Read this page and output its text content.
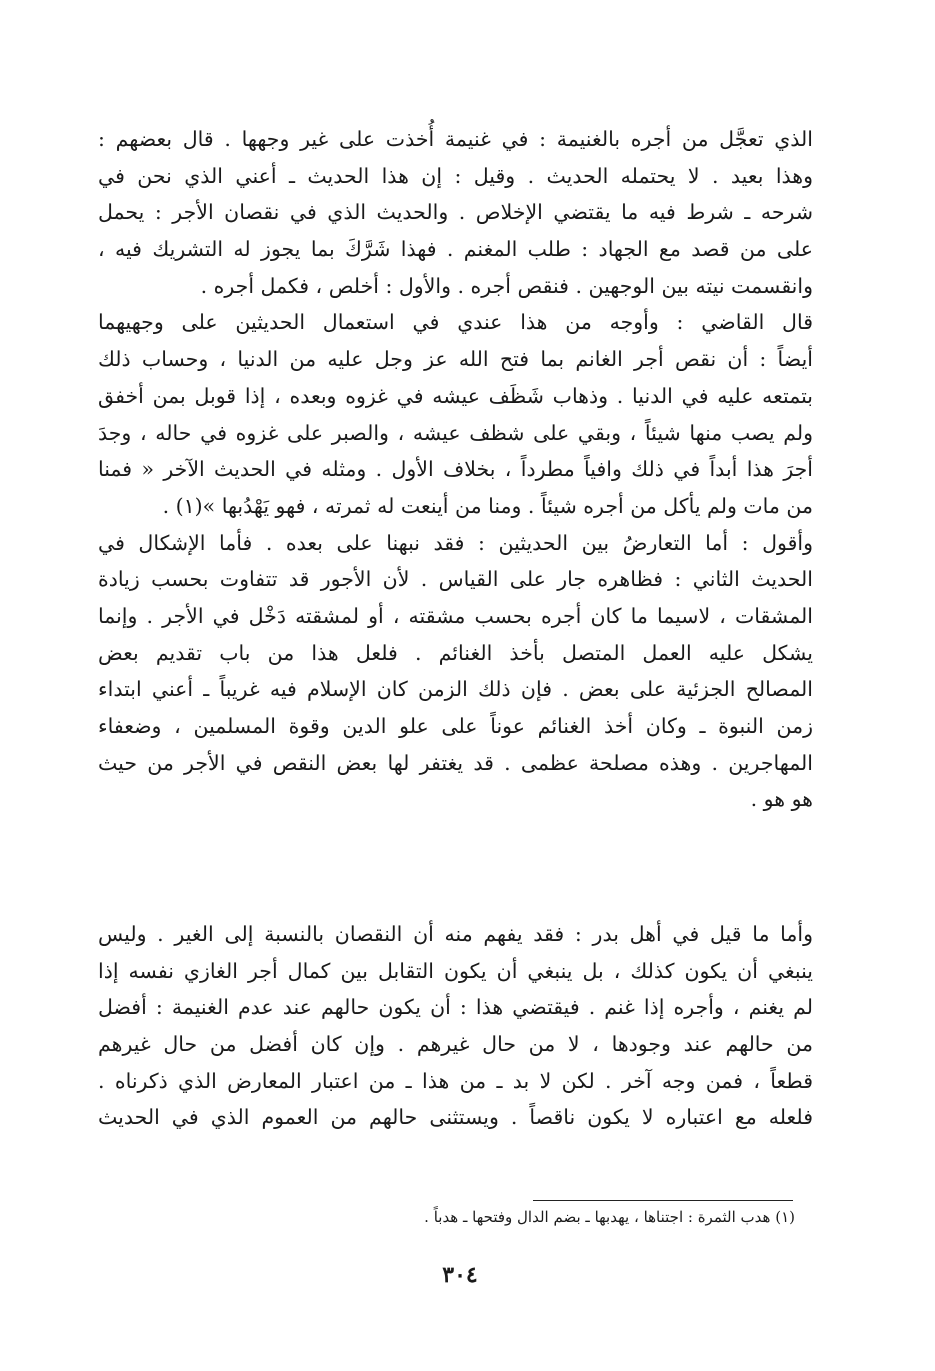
الذي تعجَّل من أجره بالغنيمة : في غنيمة أُخذت على غير وجهها . قال بعضهم :
وهذا بعيد . لا يحتمله الحديث . وقيل : إن هذا الحديث ـ أعني الذي نحن في
شرحه ـ شرط فيه ما يقتضي الإخلاص . والحديث الذي في نقصان الأجر : يحمل
على من قصد مع الجهاد : طلب المغنم . فهذا شَرَّكَ بما يجوز له التشريك فيه ،
وانقسمت نيته بين الوجهين . فنقص أجره . والأول : أخلص ، فكمل أجره .
قال القاضي : وأوجه من هذا عندي في استعمال الحديثين على وجهيهما
أيضاً : أن نقص أجر الغانم بما فتح الله عز وجل عليه من الدنيا ، وحساب ذلك
بتمتعه عليه في الدنيا . وذهاب شَظَف عيشه في غزوه وبعده ، إذا قوبل بمن أخفق
ولم يصب منها شيئاً ، وبقي على شظف عيشه ، والصبر على غزوه في حاله ، وجدَ
أجرَ هذا أبداً في ذلك وافياً مطرداً ، بخلاف الأول . ومثله في الحديث الآخر « فمنا
من مات ولم يأكل من أجره شيئاً . ومنا من أينعت له ثمرته ، فهو يَهْدُبها »(١) .
وأقول : أما التعارضُ بين الحديثين : فقد نبهنا على بعده . فأما الإشكال في
الحديث الثاني : فظاهره جار على القياس . لأن الأجور قد تتفاوت بحسب زيادة
المشقات ، لاسيما ما كان أجره بحسب مشقته ، أو لمشقته دَخْل في الأجر . وإنما
يشكل عليه العمل المتصل بأخذ الغنائم . فلعل هذا من باب تقديم بعض
المصالح الجزئية على بعض . فإن ذلك الزمن كان الإسلام فيه غريباً ـ أعني ابتداء
زمن النبوة ـ وكان أخذ الغنائم عوناً على علو الدين وقوة المسلمين ، وضعفاء
المهاجرين . وهذه مصلحة عظمى . قد يغتفر لها بعض النقص في الأجر من حيث
هو هو .
وأما ما قيل في أهل بدر : فقد يفهم منه أن النقصان بالنسبة إلى الغير . وليس
ينبغي أن يكون كذلك ، بل ينبغي أن يكون التقابل بين كمال أجر الغازي نفسه إذا
لم يغنم ، وأجره إذا غنم . فيقتضي هذا : أن يكون حالهم عند عدم الغنيمة : أفضل
من حالهم عند وجودها ، لا من حال غيرهم . وإن كان أفضل من حال غيرهم
قطعاً ، فمن وجه آخر . لكن لا بد ـ من هذا ـ من اعتبار المعارض الذي ذكرناه .
فلعله مع اعتباره لا يكون ناقصاً . ويستثنى حالهم من العموم الذي في الحديث
(١) هدب الثمرة : اجتناها ، يهدبها ـ بضم الدال وفتحها ـ هدباً .
٣٠٤
